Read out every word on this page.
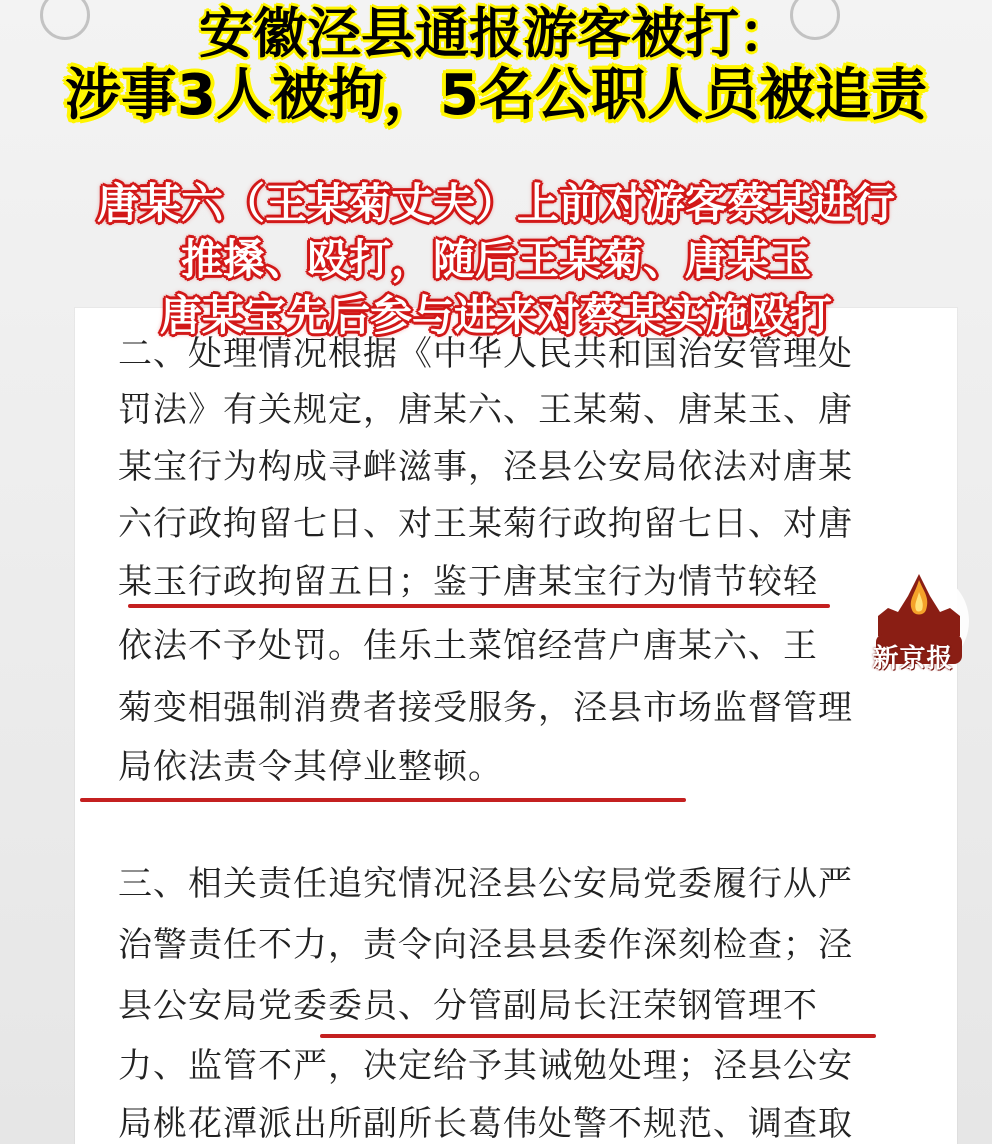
二、处理情况根据《中华人民共和国治安管理处
罚法》有关规定，唐某六、王某菊、唐某玉、唐
某宝行为构成寻衅滋事，泾县公安局依法对唐某
六行政拘留七日、对王某菊行政拘留七日、对唐
某玉行政拘留五日；鉴于唐某宝行为情节较轻
依法不予处罚。佳乐土菜馆经营户唐某六、王
菊变相强制消费者接受服务，泾县市场监督管理
局依法责令其停业整顿。
三、相关责任追究情况泾县公安局党委履行从严
治警责任不力，责令向泾县县委作深刻检查；泾
县公安局党委委员、分管副局长汪荣钢管理不
力、监管不严，决定给予其诫勉处理；泾县公安
局桃花潭派出所副所长葛伟处警不规范、调查取
安徽泾县通报游客被打：
涉事3人被拘，5名公职人员被追责
唐某六（王某菊丈夫）上前对游客蔡某进行
推搡、殴打，随后王某菊、唐某玉
唐某宝先后参与进来对蔡某实施殴打
新京报
